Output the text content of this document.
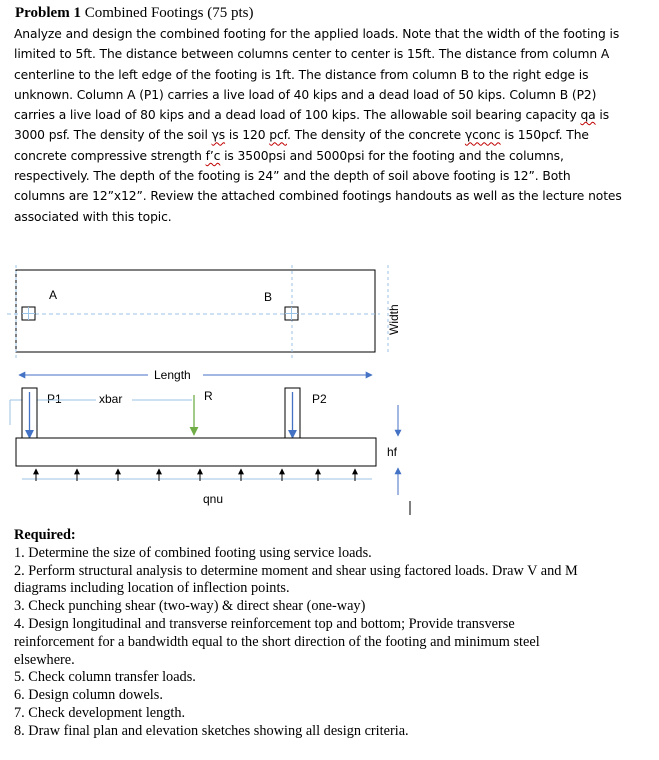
Problem 1 Combined Footings (75 pts)
Analyze and design the combined footing for the applied loads. Note that the width of the footing is
limited to 5ft. The distance between columns center to center is 15ft. The distance from column A
centerline to the left edge of the footing is 1ft. The distance from column B to the right edge is
unknown. Column A (P1) carries a live load of 40 kips and a dead load of 50 kips. Column B (P2)
carries a live load of 80 kips and a dead load of 100 kips. The allowable soil bearing capacity qa is
3000 psf. The density of the soil γs is 120 pcf. The density of the concrete γconc is 150pcf. The
concrete compressive strength f’c is 3500psi and 5000psi for the footing and the columns,
respectively. The depth of the footing is 24” and the depth of soil above footing is 12”. Both
columns are 12”x12”. Review the attached combined footings handouts as well as the lecture notes
associated with this topic.
A	B
Width
Length
P1	xbar	R	P2
hf
qnu
Required:
1. Determine the size of combined footing using service loads.
2. Perform structural analysis to determine moment and shear using factored loads. Draw V and M
diagrams including location of inflection points.
3. Check punching shear (two-way) & direct shear (one-way)
4. Design longitudinal and transverse reinforcement top and bottom; Provide transverse
reinforcement for a bandwidth equal to the short direction of the footing and minimum steel
elsewhere.
5. Check column transfer loads.
6. Design column dowels.
7. Check development length.
8. Draw final plan and elevation sketches showing all design criteria.
